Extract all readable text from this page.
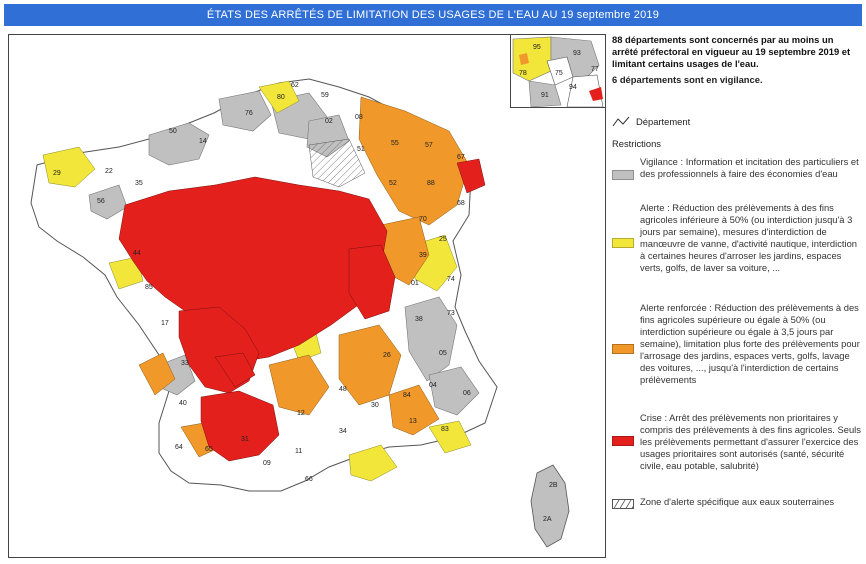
ÉTATS DES ARRÊTÉS DE LIMITATION DES USAGES DE L'EAU AU 19 septembre 2019
22
56
35
50
14
76
80
62
59
02
08
51
55	57
67
68
52	88
70
25
39
01
74
73
38
05
04
06
83
13
84
30
34
11
66
09
31
65
64
40
33
17
85
44
29
2B
2A
48
12
26
78
95
93
75
94
77
91
88 départements sont concernés par au moins un arrêté préfectoral en vigueur au 19 septembre 2019 et limitant certains usages de l'eau.
6 départements sont en vigilance.
Département
Restrictions
Vigilance : Information et incitation des particuliers et des professionnels à faire des économies d'eau
Alerte : Réduction des prélèvements à des fins agricoles inférieure à 50% (ou interdiction jusqu'à 3 jours par semaine), mesures d'interdiction de manœuvre de vanne, d'activité nautique, interdiction à certaines heures d'arroser les jardins, espaces verts, golfs, de laver sa voiture, ...
Alerte renforcée : Réduction des prélèvements à des fins agricoles supérieure ou égale à 50% (ou interdiction supérieure ou égale à 3,5 jours par semaine), limitation plus forte des prélèvements pour l'arrosage des jardins, espaces verts, golfs, lavage des voitures, ..., jusqu'à l'interdiction de certains prélèvements
Crise : Arrêt des prélèvements non prioritaires y compris des prélèvements à des fins agricoles. Seuls les prélèvements permettant d'assurer l'exercice des usages prioritaires sont autorisés (santé, sécurité civile, eau potable, salubrité)
Zone d'alerte spécifique aux eaux souterraines
